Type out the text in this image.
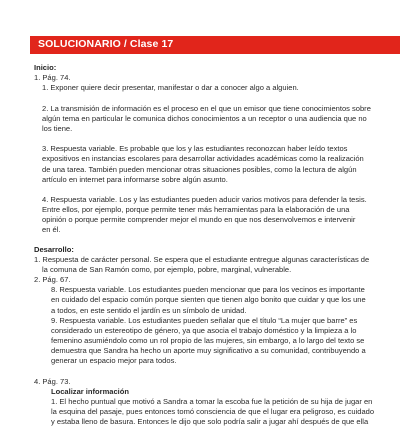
SOLUCIONARIO / Clase 17
Inicio:
1. Pág. 74.
1. Exponer quiere decir presentar, manifestar o dar a conocer algo a alguien.
2. La transmisión de información es el proceso en el que un emisor que tiene conocimientos sobre
algún tema en particular le comunica dichos conocimientos a un receptor o una audiencia que no
los tiene.
3. Respuesta variable. Es probable que los y las estudiantes reconozcan haber leído textos
expositivos en instancias escolares para desarrollar actividades académicas como la realización
de una tarea. También pueden mencionar otras situaciones posibles, como la lectura de algún
artículo en internet para informarse sobre algún asunto.
4. Respuesta variable. Los y las estudiantes pueden aducir varios motivos para defender la tesis.
Entre ellos, por ejemplo, porque permite tener más herramientas para la elaboración de una
opinión o porque permite comprender mejor el mundo en que nos desenvolvemos e intervenir
en él.
Desarrollo:
1. Respuesta de carácter personal. Se espera que el estudiante entregue algunas características de
la comuna de San Ramón como, por ejemplo, pobre, marginal, vulnerable.
2. Pág. 67.
8. Respuesta variable. Los estudiantes pueden mencionar que para los vecinos es importante
en cuidado del espacio común porque sienten que tienen algo bonito que cuidar y que los une
a todos, en este sentido el jardín es un símbolo de unidad.
9. Respuesta variable. Los estudiantes pueden señalar que el título “La mujer que barre” es
considerado un estereotipo de género, ya que asocia el trabajo doméstico y la limpieza a lo
femenino asumiéndolo como un rol propio de las mujeres, sin embargo, a lo largo del texto se
demuestra que Sandra ha hecho un aporte muy significativo a su comunidad, contribuyendo a
generar un espacio mejor para todos.
4. Pág. 73.
Localizar información
1. El hecho puntual que motivó a Sandra a tomar la escoba fue la petición de su hija de jugar en
la esquina del pasaje, pues entonces tomó consciencia de que el lugar era peligroso, es cuidado
y estaba lleno de basura. Entonces le dijo que solo podría salir a jugar ahí después de que ella
